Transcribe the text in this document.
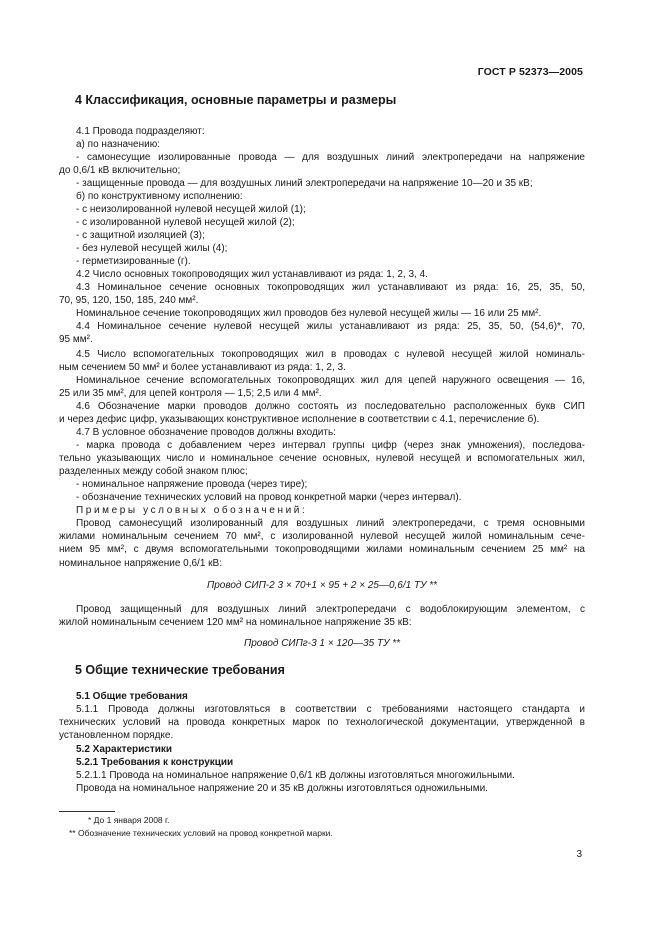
ГОСТ Р 52373—2005
4 Классификация, основные параметры и размеры
4.1 Провода подразделяют:
а) по назначению:
- самонесущие изолированные провода — для воздушных линий электропередачи на напряжение
до 0,6/1 кВ включительно;
- защищенные провода — для воздушных линий электропередачи на напряжение 10—20 и 35 кВ;
б) по конструктивному исполнению:
- с неизолированной нулевой несущей жилой (1);
- с изолированной нулевой несущей жилой (2);
- с защитной изоляцией (3);
- без нулевой несущей жилы (4);
- герметизированные (г).
4.2 Число основных токопроводящих жил устанавливают из ряда: 1, 2, 3, 4.
4.3 Номинальное сечение основных токопроводящих жил устанавливают из ряда: 16, 25, 35, 50,
70, 95, 120, 150, 185, 240 мм².
Номинальное сечение токопроводящих жил проводов без нулевой несущей жилы — 16 или 25 мм².
4.4 Номинальное сечение нулевой несущей жилы устанавливают из ряда: 25, 35, 50, (54,6)*, 70,
95 мм².
4.5 Число вспомогательных токопроводящих жил в проводах с нулевой несущей жилой номиналь-
ным сечением 50 мм² и более устанавливают из ряда: 1, 2, 3.
Номинальное сечение вспомогательных токопроводящих жил для цепей наружного освещения — 16,
25 или 35 мм², для цепей контроля — 1,5; 2,5 или 4 мм².
4.6 Обозначение марки проводов должно состоять из последовательно расположенных букв СИП
и через дефис цифр, указывающих конструктивное исполнение в соответствии с 4.1, перечисление б).
4.7 В условное обозначение проводов должны входить:
- марка провода с добавлением через интервал группы цифр (через знак умножения), последова-
тельно указывающих число и номинальное сечение основных, нулевой несущей и вспомогательных жил,
разделенных между собой знаком плюс;
- номинальное напряжение провода (через тире);
- обозначение технических условий на провод конкретной марки (через интервал).
Примеры условных обозначений:
Провод самонесущий изолированный для воздушных линий электропередачи, с тремя основными
жилами номинальным сечением 70 мм², с изолированной нулевой несущей жилой номинальным сече-
нием 95 мм², с двумя вспомогательными токопроводящими жилами номинальным сечением 25 мм² на
номинальное напряжение 0,6/1 кВ:
Провод СИП-2 3 × 70+1 × 95 + 2 × 25—0,6/1 ТУ **
Провод защищенный для воздушных линий электропередачи с водоблокирующим элементом, с
жилой номинальным сечением 120 мм² на номинальное напряжение 35 кВ:
Провод СИПг-3 1 × 120—35 ТУ **
5 Общие технические требования
5.1 Общие требования
5.1.1 Провода должны изготовляться в соответствии с требованиями настоящего стандарта и
технических условий на провода конкретных марок по технологической документации, утвержденной в
установленном порядке.
5.2 Характеристики
5.2.1 Требования к конструкции
5.2.1.1 Провода на номинальное напряжение 0,6/1 кВ должны изготовляться многожильными.
Провода на номинальное напряжение 20 и 35 кВ должны изготовляться одножильными.
* До 1 января 2008 г.
** Обозначение технических условий на провод конкретной марки.
3
